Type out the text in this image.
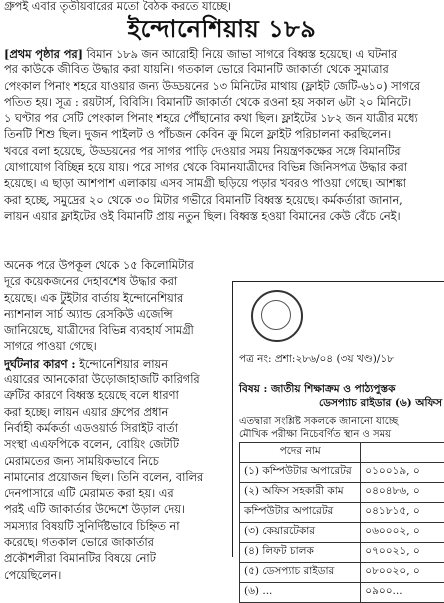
গ্রুপই এবার তৃতীয়বারের মতো বৈঠক করতে যাচ্ছে।
ইন্দোনেশিয়ায় ১৮৯
[প্রথম পৃষ্ঠার পর] বিমান ১৮৯ জন আরোহী নিয়ে জাভা সাগরে বিধ্বস্ত হয়েছে। এ ঘটনার
পর কাউকে জীবিত উদ্ধার করা যায়নি। গতকাল ভোরে বিমানটি জাকার্তা থেকে সুমাত্রার
পেংকাল পিনাং শহরে যাওয়ার জন্য উড্ডয়নের ১৩ মিনিটের মাথায় (ফ্লাইট জেটি-৬১০) সাগরে
পতিত হয়। সূত্র : রয়টার্স, বিবিসি। বিমানটি জাকার্তা থেকে রওনা হয় সকাল ৬টা ২০ মিনিটে।
১ ঘণ্টার পর সেটি পেংকাল পিনাং শহরে পৌঁছানোর কথা ছিল। ফ্লাইটের ১৮২ জন যাত্রীর মধ্যে
তিনটি শিশু ছিল। দুজন পাইলট ও পাঁচজন কেবিন ক্রু মিলে ফ্লাইট পরিচালনা করছিলেন।
খবরে বলা হয়েছে, উড্ডয়নের পর সাগর পাড়ি দেওয়ার সময় নিয়ন্ত্রণকক্ষের সঙ্গে বিমানটির
যোগাযোগ বিচ্ছিন্ন হয়ে যায়। পরে সাগর থেকে বিমানযাত্রীদের বিভিন্ন জিনিসপত্র উদ্ধার করা
হয়েছে। এ ছাড়া আশপাশ এলাকায় এসব সামগ্রী ছড়িয়ে পড়ার খবরও পাওয়া গেছে। আশঙ্কা
করা হচ্ছে, সমুদ্রের ২০ থেকে ৩০ মিটার গভীরে বিমানটি বিধ্বস্ত হয়েছে। কর্মকর্তারা জানান,
লায়ন এয়ার ফ্লাইটের ওই বিমানটি প্রায় নতুন ছিল। বিধ্বস্ত হওয়া বিমানের কেউ বেঁচে নেই।
অনেক পরে উপকূল থেকে ১৫ কিলোমিটার
দূরে কয়েকজনের দেহাবশেষ উদ্ধার করা
হয়েছে। এক টুইটার বার্তায় ইন্দোনেশিয়ার
ন্যাশনাল সার্চ অ্যান্ড রেসকিউ এজেন্সি
জানিয়েছে, যাত্রীদের বিভিন্ন ব্যবহার্য সামগ্রী
সাগরে পাওয়া গেছে।
দুর্ঘটনার কারণ : ইন্দোনেশিয়ার লায়ন
এয়ারের আনকোরা উড়োজাহাজটি কারিগরি
ত্রুটির কারণে বিধ্বস্ত হয়েছে বলে ধারণা
করা হচ্ছে। লায়ন এয়ার গ্রুপের প্রধান
নির্বাহী কর্মকর্তা এডওয়ার্ড সিরাইট বার্তা
সংস্থা এএফপিকে বলেন, বোয়িং জেটটি
মেরামতের জন্য সাময়িকভাবে নিচে
নামানোর প্রয়োজন ছিল। তিনি বলেন, বালির
দেনপাসারে এটি মেরামত করা হয়। এর
পরই এটি জাকার্তার উদ্দেশে উড়াল দেয়।
সমস্যার বিষয়টি সুনির্দিষ্টভাবে চিহ্নিত না
করেছে। গতকাল ভোরে জাকার্তার
প্রকৌশলীরা বিমানটির বিষয়ে নোট
পেয়েছিলেন।
পত্র নং: প্রশা:২৮৬/০৪ (৩য় খণ্ড)/১৮
বিষয় : জাতীয় শিক্ষাক্রম ও পাঠ্যপুস্তক
ডেসপ্যাচ রাইডার (৬) অফিস
এতদ্বারা সংশ্লিষ্ট সকলকে জানানো যাচ্ছে
মৌখিক পরীক্ষা নিচেবর্ণিত স্থান ও সময়
পদের নাম	
(১) কম্পিউটার অপারেটর	০১০০১৯, ০
(২) অফিস সহকারী কাম	০৪০৪৮৬, ০
কম্পিউটার অপারেটর	০৪১৮১৫, ০
(৩) কেয়ারটেকার	০৬০০০২, ০
(৪) লিফট চালক	০৭০০২১, ০
(৫) ডেসপ্যাচ রাইডার	০৮০০২০, ০
(৬) ...	০৯০০...
